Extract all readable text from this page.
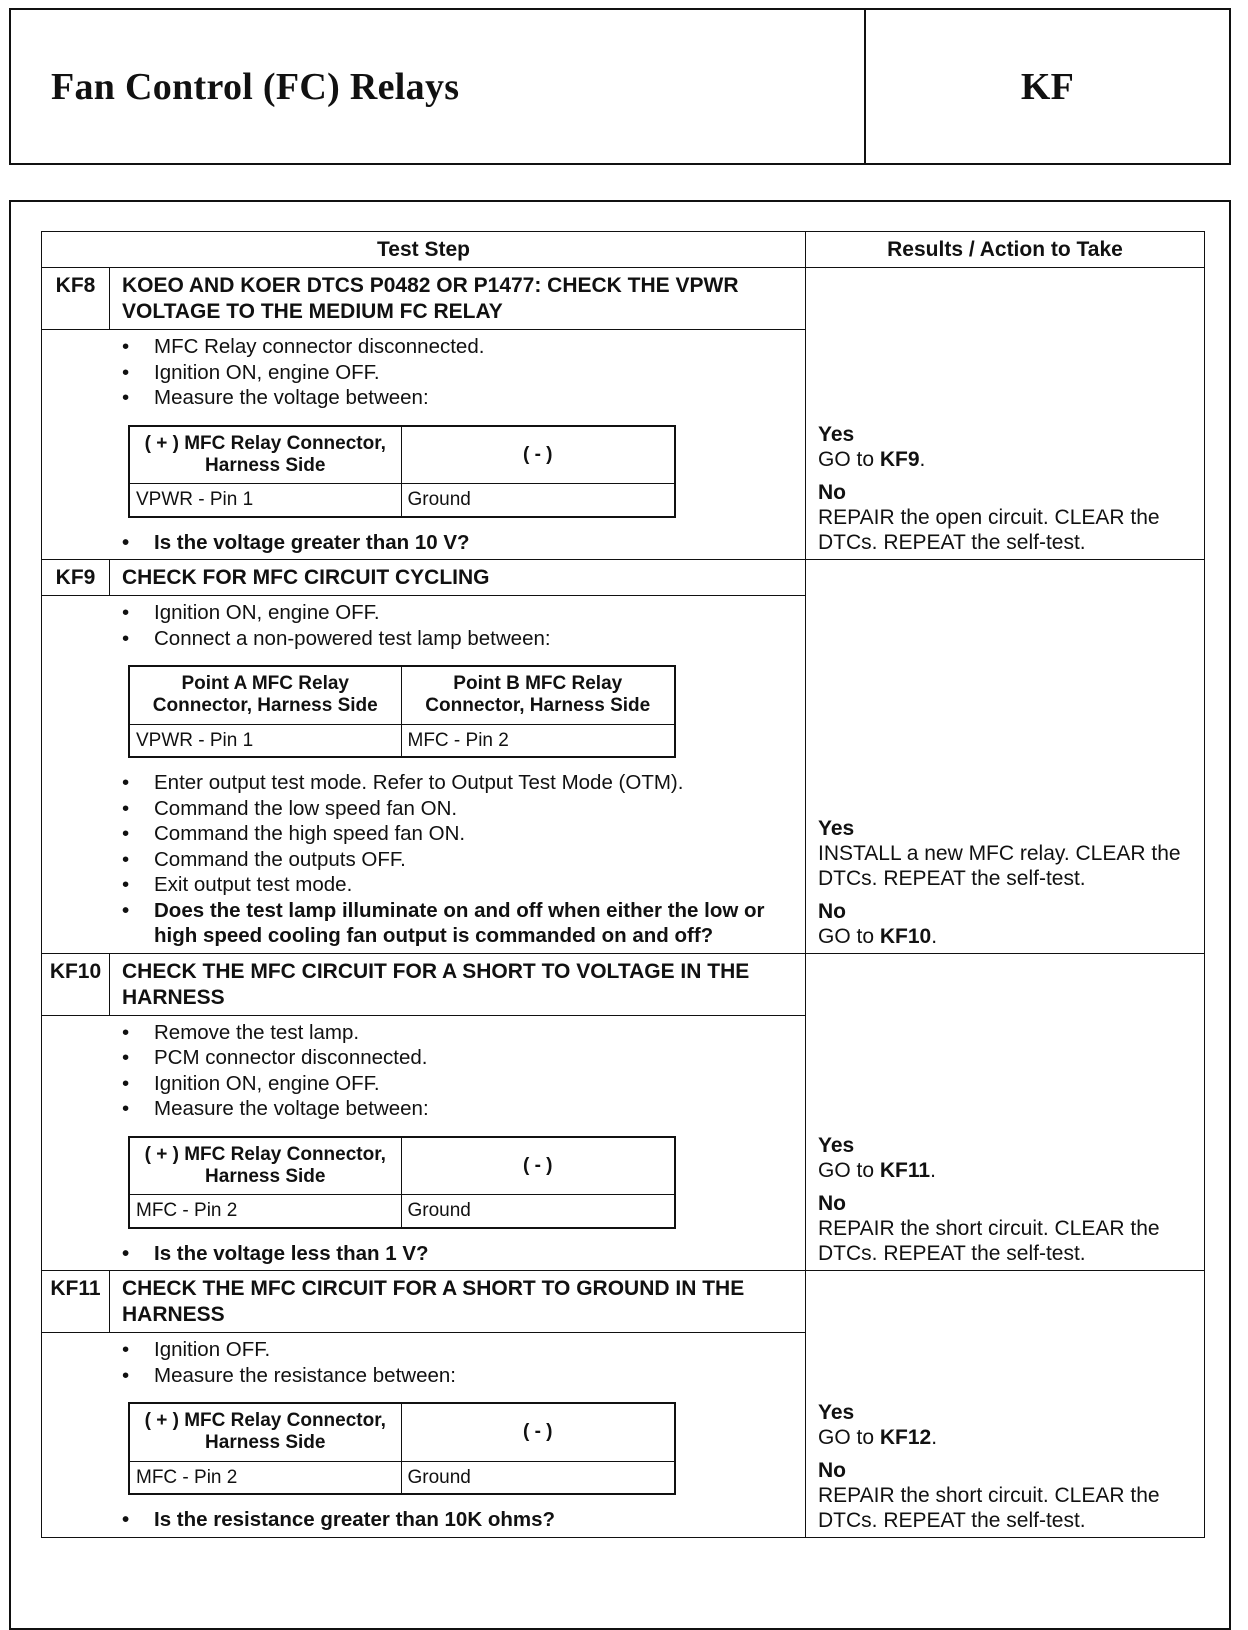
Fan Control (FC) Relays	KF
Test Step	Results / Action to Take
KF8	KOEO AND KOER DTCS P0482 OR P1477: CHECK THE VPWR VOLTAGE TO THE MEDIUM FC RELAY
• MFC Relay connector disconnected.
• Ignition ON, engine OFF.
• Measure the voltage between:
( + ) MFC Relay Connector, Harness Side	( - )
VPWR - Pin 1	Ground
• Is the voltage greater than 10 V?
Yes
GO to KF9.
No
REPAIR the open circuit. CLEAR the DTCs. REPEAT the self-test.
KF9	CHECK FOR MFC CIRCUIT CYCLING
• Ignition ON, engine OFF.
• Connect a non-powered test lamp between:
Point A MFC Relay Connector, Harness Side	Point B MFC Relay Connector, Harness Side
VPWR - Pin 1	MFC - Pin 2
• Enter output test mode. Refer to Output Test Mode (OTM).
• Command the low speed fan ON.
• Command the high speed fan ON.
• Command the outputs OFF.
• Exit output test mode.
• Does the test lamp illuminate on and off when either the low or high speed cooling fan output is commanded on and off?
Yes
INSTALL a new MFC relay. CLEAR the DTCs. REPEAT the self-test.
No
GO to KF10.
KF10 CHECK THE MFC CIRCUIT FOR A SHORT TO VOLTAGE IN THE HARNESS
• Remove the test lamp.
• PCM connector disconnected.
• Ignition ON, engine OFF.
• Measure the voltage between:
( + ) MFC Relay Connector, Harness Side	( - )
MFC - Pin 2	Ground
• Is the voltage less than 1 V?
Yes
GO to KF11.
No
REPAIR the short circuit. CLEAR the DTCs. REPEAT the self-test.
KF11	CHECK THE MFC CIRCUIT FOR A SHORT TO GROUND IN THE HARNESS
• Ignition OFF.
• Measure the resistance between:
( + ) MFC Relay Connector, Harness Side	( - )
MFC - Pin 2	Ground
• Is the resistance greater than 10K ohms?
Yes
GO to KF12.
No
REPAIR the short circuit. CLEAR the DTCs. REPEAT the self-test.
